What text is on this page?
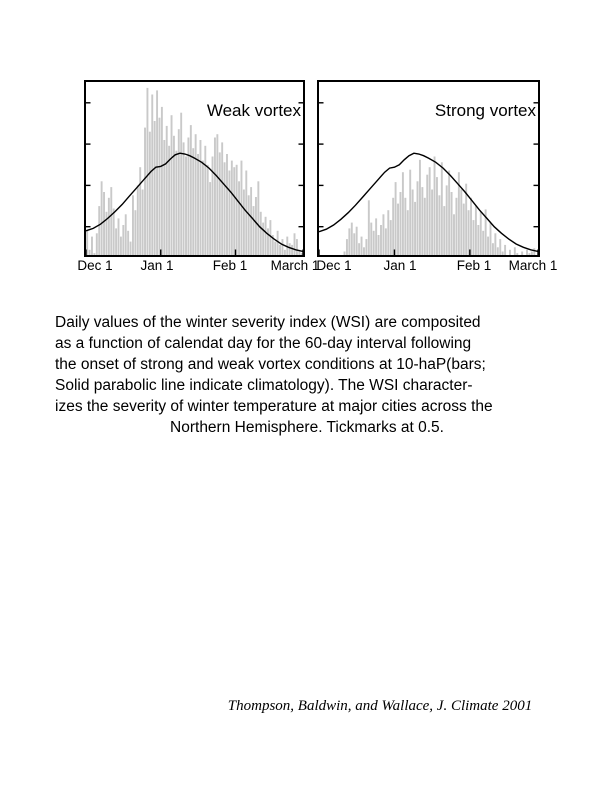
Weak vortex	Strong vortex
Dec 1	Jan 1	Feb 1	March 1
Dec 1	Jan 1	Feb 1	March 1
Daily values of the winter severity index (WSI) are composited
as a function of calendat day for the 60-day interval following
the onset of strong and weak vortex conditions at 10-haP(bars;
Solid parabolic line indicate climatology). The WSI character-
izes the severity of winter temperature at major cities across the
Northern Hemisphere. Tickmarks at 0.5.
Thompson, Baldwin, and Wallace, J. Climate 2001
